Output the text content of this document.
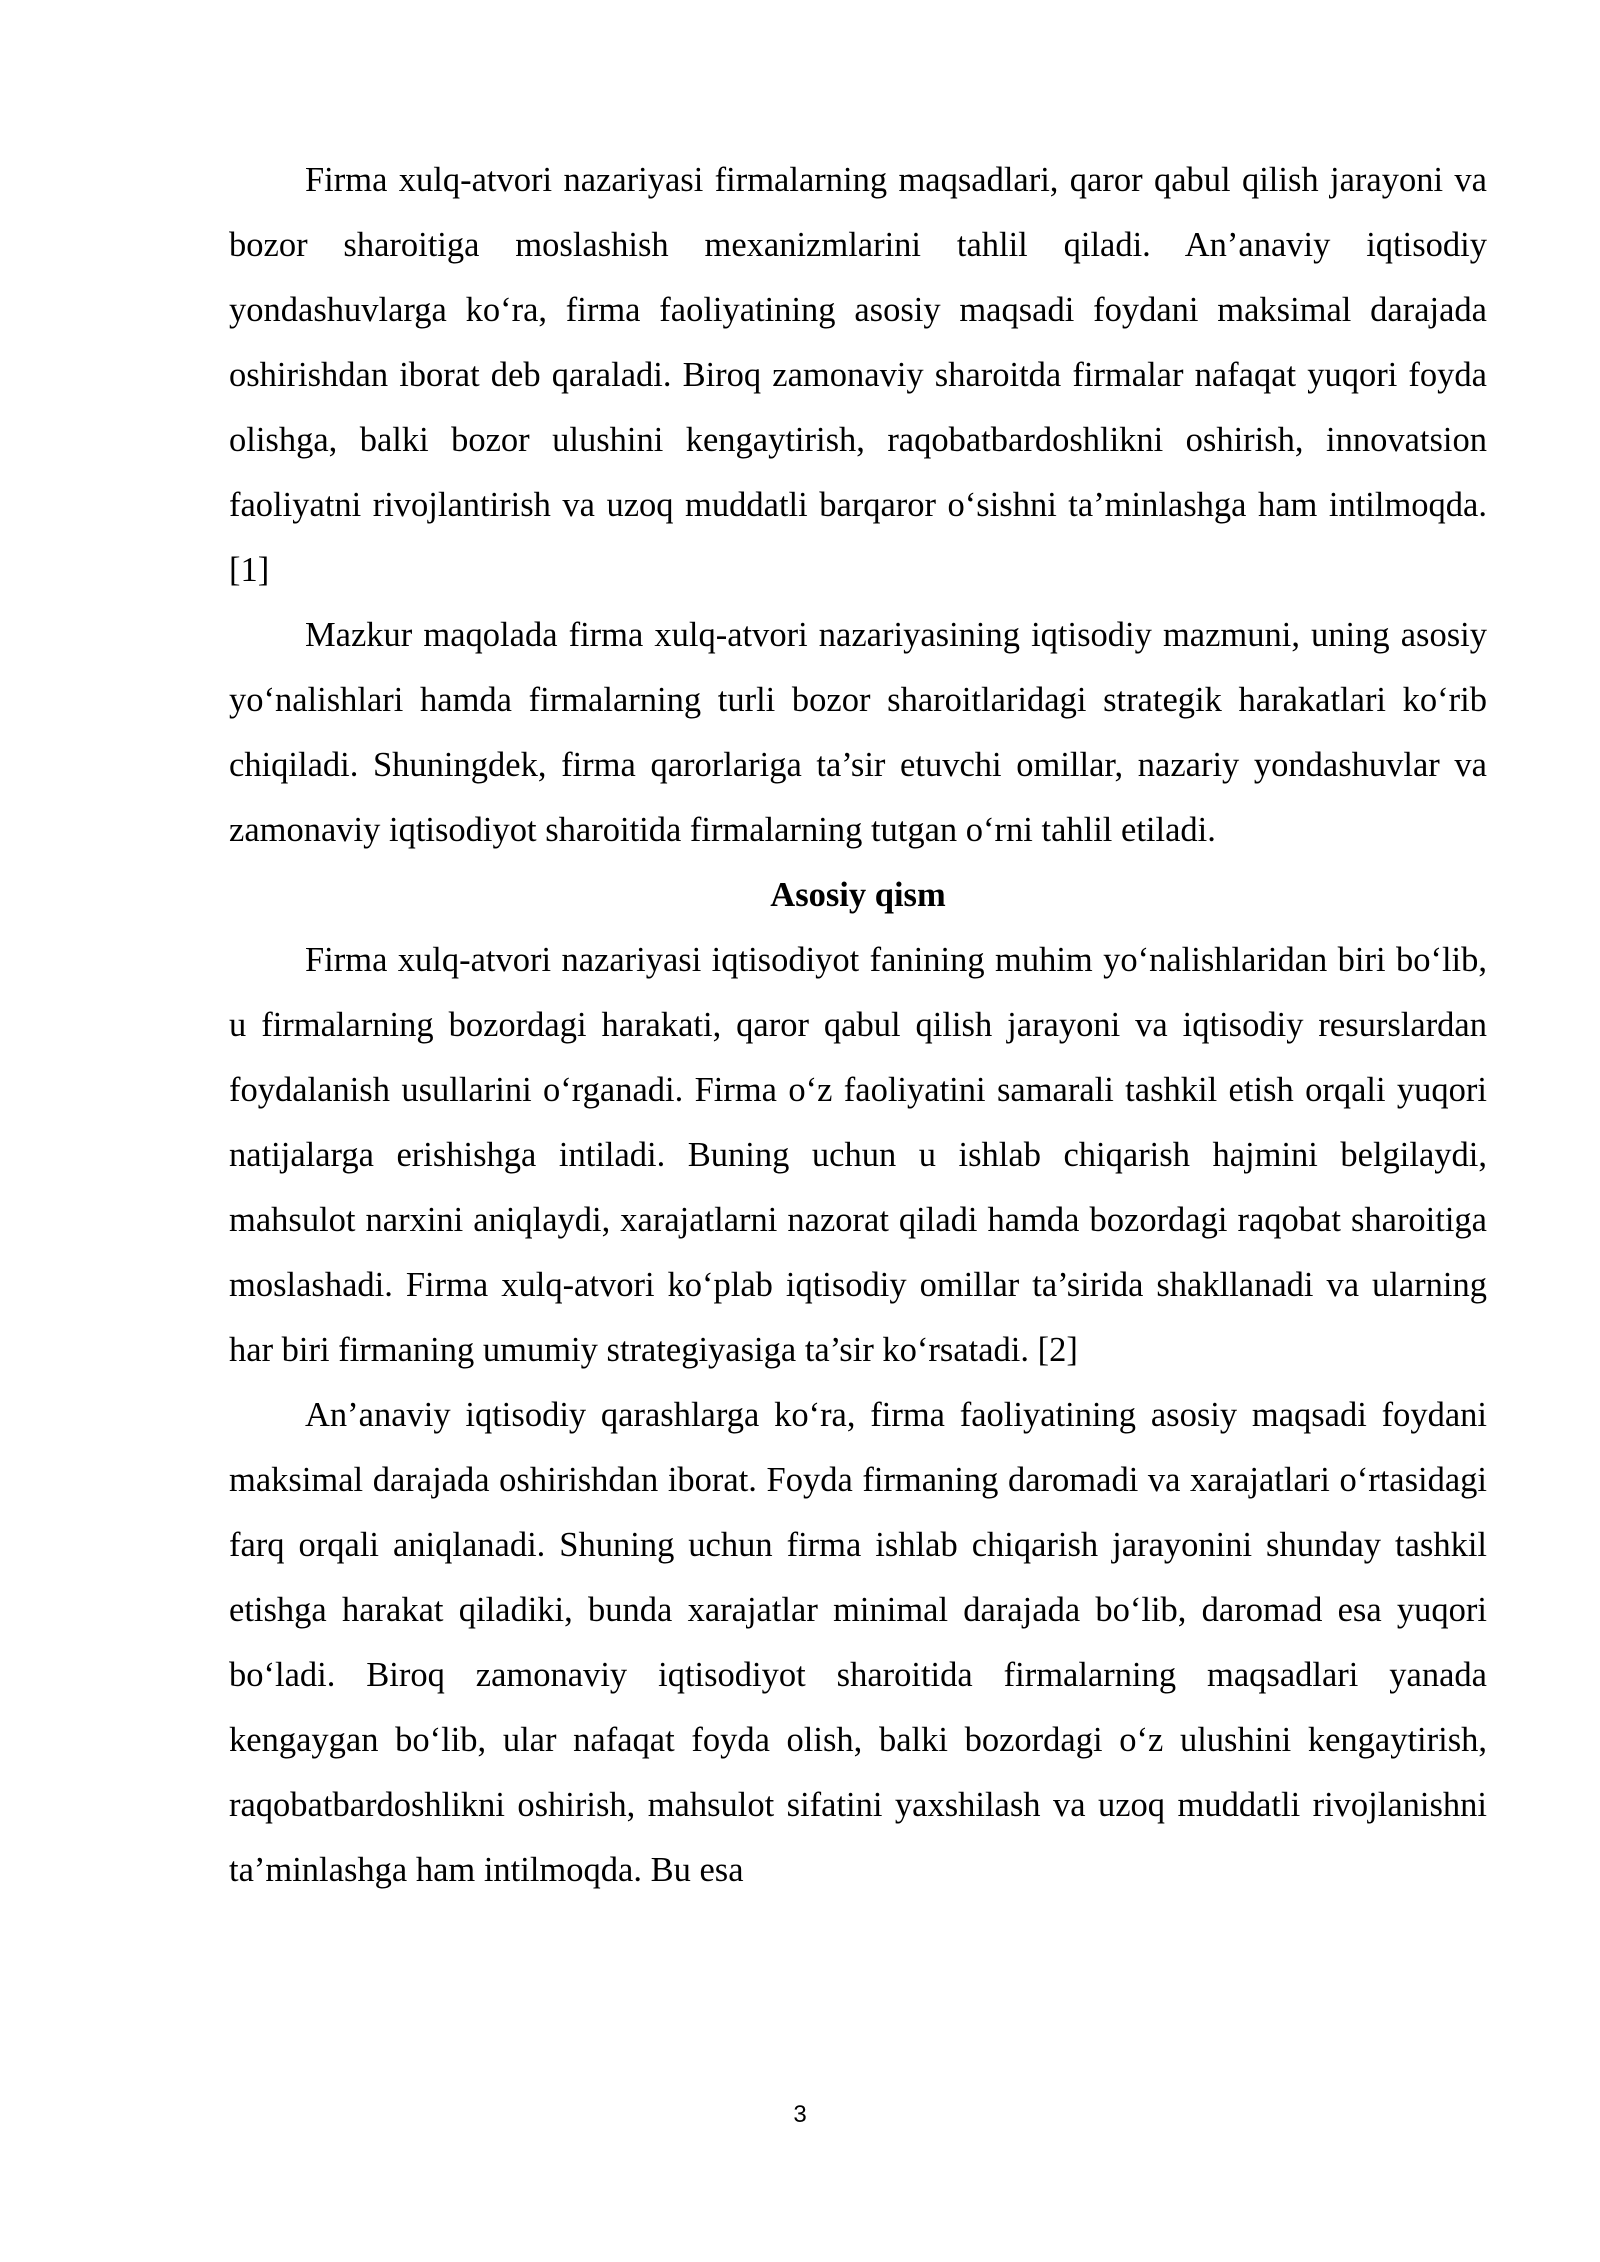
Firma xulq-atvori nazariyasi firmalarning maqsadlari, qaror qabul qilish jarayoni va bozor sharoitiga moslashish mexanizmlarini tahlil qiladi. An’anaviy iqtisodiy yondashuvlarga ko‘ra, firma faoliyatining asosiy maqsadi foydani maksimal darajada oshirishdan iborat deb qaraladi. Biroq zamonaviy sharoitda firmalar nafaqat yuqori foyda olishga, balki bozor ulushini kengaytirish, raqobatbardoshlikni oshirish, innovatsion faoliyatni rivojlantirish va uzoq muddatli barqaror o‘sishni ta’minlashga ham intilmoqda.[1]

Mazkur maqolada firma xulq-atvori nazariyasining iqtisodiy mazmuni, uning asosiy yo‘nalishlari hamda firmalarning turli bozor sharoitlaridagi strategik harakatlari ko‘rib chiqiladi. Shuningdek, firma qarorlariga ta’sir etuvchi omillar, nazariy yondashuvlar va zamonaviy iqtisodiyot sharoitida firmalarning tutgan o‘rni tahlil etiladi.

Asosiy qism

Firma xulq-atvori nazariyasi iqtisodiyot fanining muhim yo‘nalishlaridan biri bo‘lib, u firmalarning bozordagi harakati, qaror qabul qilish jarayoni va iqtisodiy resurslardan foydalanish usullarini o‘rganadi. Firma o‘z faoliyatini samarali tashkil etish orqali yuqori natijalarga erishishga intiladi. Buning uchun u ishlab chiqarish hajmini belgilaydi, mahsulot narxini aniqlaydi, xarajatlarni nazorat qiladi hamda bozordagi raqobat sharoitiga moslashadi. Firma xulq-atvori ko‘plab iqtisodiy omillar ta’sirida shakllanadi va ularning har biri firmaning umumiy strategiyasiga ta’sir ko‘rsatadi. [2]

An’anaviy iqtisodiy qarashlarga ko‘ra, firma faoliyatining asosiy maqsadi foydani maksimal darajada oshirishdan iborat. Foyda firmaning daromadi va xarajatlari o‘rtasidagi farq orqali aniqlanadi. Shuning uchun firma ishlab chiqarish jarayonini shunday tashkil etishga harakat qiladiki, bunda xarajatlar minimal darajada bo‘lib, daromad esa yuqori bo‘ladi. Biroq zamonaviy iqtisodiyot sharoitida firmalarning maqsadlari yanada kengaygan bo‘lib, ular nafaqat foyda olish, balki bozordagi o‘z ulushini kengaytirish, raqobatbardoshlikni oshirish, mahsulot sifatini yaxshilash va uzoq muddatli rivojlanishni ta’minlashga ham intilmoqda. Bu esa

3
